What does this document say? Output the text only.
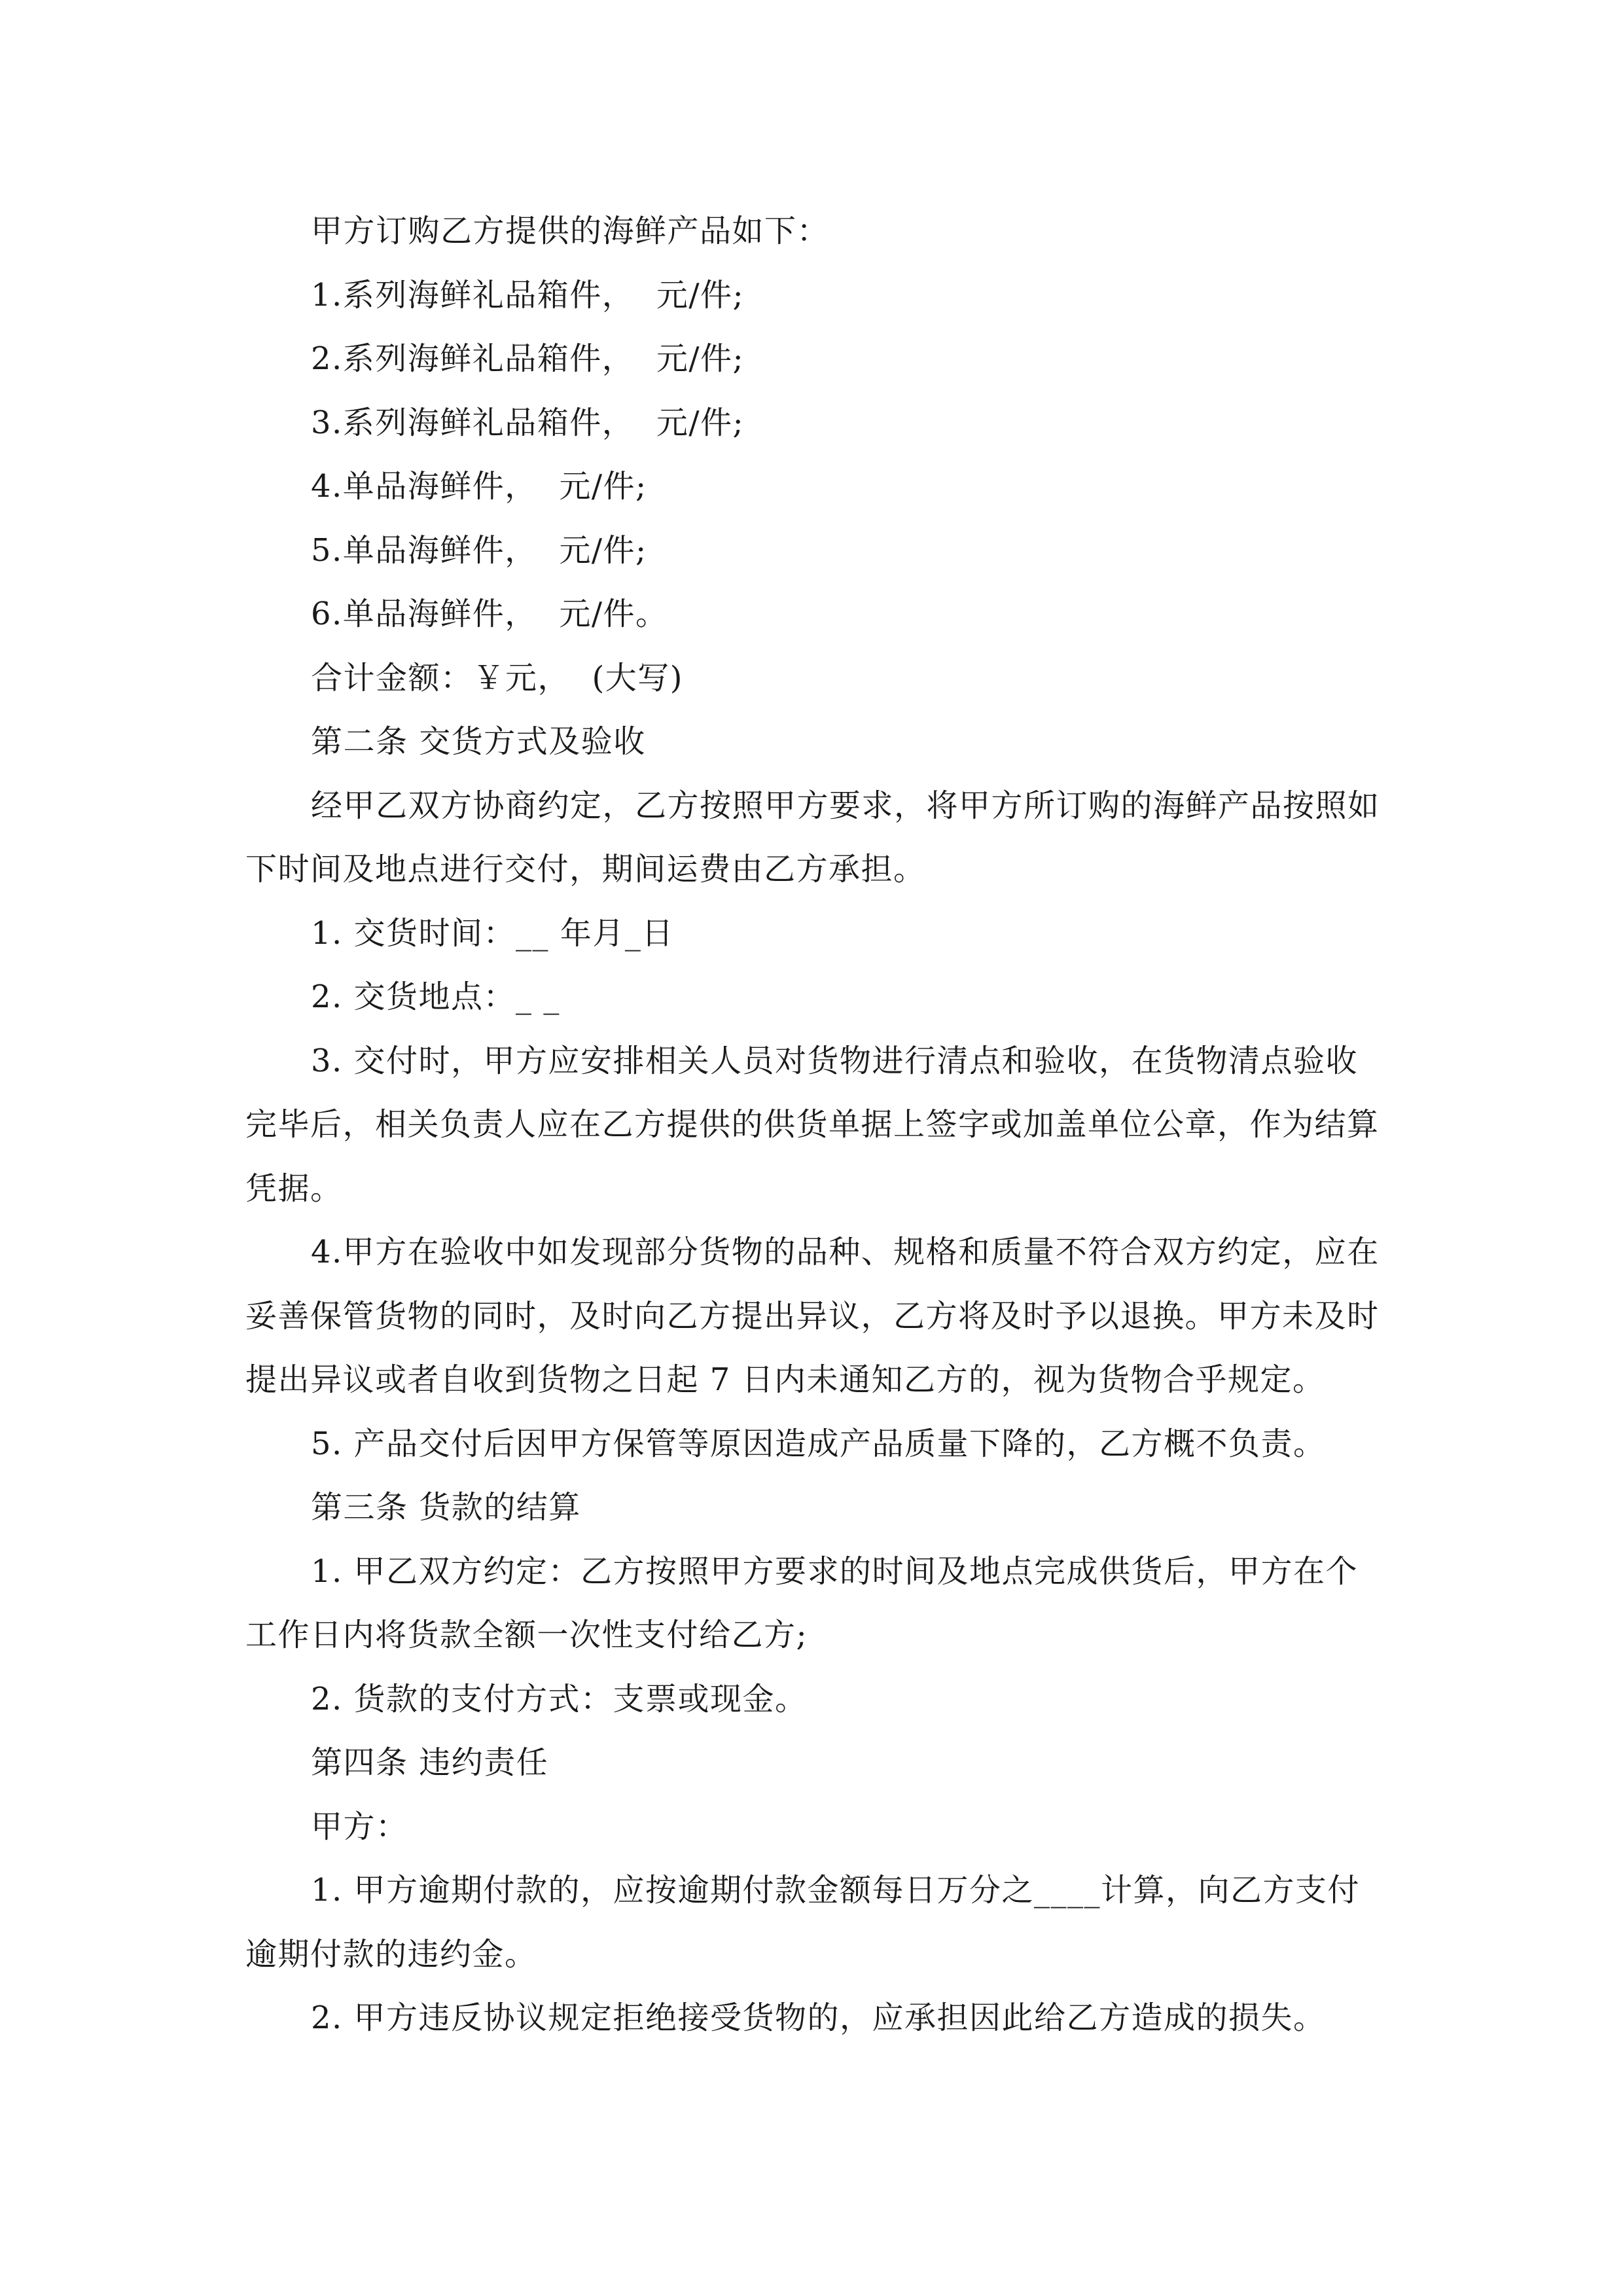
甲方订购乙方提供的海鲜产品如下：

1.系列海鲜礼品箱件，  元/件;

2.系列海鲜礼品箱件，  元/件;

3.系列海鲜礼品箱件，  元/件;

4.单品海鲜件，  元/件;

5.单品海鲜件，  元/件;

6.单品海鲜件，  元/件。

合计金额：￥元，  (大写)

第二条 交货方式及验收

经甲乙双方协商约定，乙方按照甲方要求，将甲方所订购的海鲜产品按照如下时间及地点进行交付，期间运费由乙方承担。

1. 交货时间：__ 年月_日

2. 交货地点：_ _

3. 交付时，甲方应安排相关人员对货物进行清点和验收，在货物清点验收完毕后，相关负责人应在乙方提供的供货单据上签字或加盖单位公章，作为结算凭据。

4.甲方在验收中如发现部分货物的品种、规格和质量不符合双方约定，应在妥善保管货物的同时，及时向乙方提出异议，乙方将及时予以退换。甲方未及时提出异议或者自收到货物之日起 7 日内未通知乙方的，视为货物合乎规定。

5. 产品交付后因甲方保管等原因造成产品质量下降的，乙方概不负责。

第三条 货款的结算

1. 甲乙双方约定：乙方按照甲方要求的时间及地点完成供货后，甲方在个工作日内将货款全额一次性支付给乙方;

2. 货款的支付方式：支票或现金。

第四条 违约责任

甲方：

1. 甲方逾期付款的，应按逾期付款金额每日万分之____计算，向乙方支付逾期付款的违约金。

2. 甲方违反协议规定拒绝接受货物的，应承担因此给乙方造成的损失。
